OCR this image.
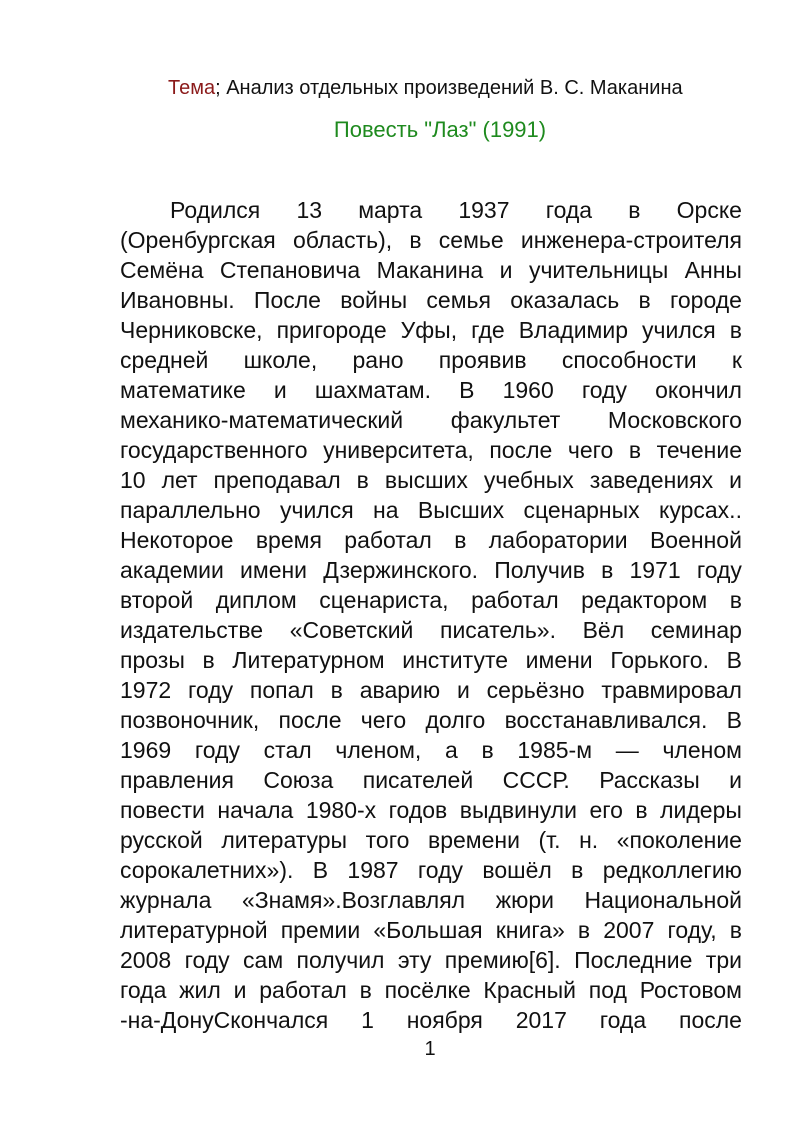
Тема; Анализ отдельных произведений В. С. Маканина
Повесть "Лаз" (1991)
Родился 13 марта 1937 года в Орске
(Оренбургская область), в семье инженера-строителя
Семёна Степановича Маканина и учительницы Анны
Ивановны. После войны семья оказалась в городе
Черниковске, пригороде Уфы, где Владимир учился в
средней школе, рано проявив способности к
математике и шахматам. В 1960 году окончил
механико-математический факультет Московского
государственного университета, после чего в течение
10 лет преподавал в высших учебных заведениях и
параллельно учился на Высших сценарных курсах..
Некоторое время работал в лаборатории Военной
академии имени Дзержинского. Получив в 1971 году
второй диплом сценариста, работал редактором в
издательстве «Советский писатель». Вёл семинар
прозы в Литературном институте имени Горького. В
1972 году попал в аварию и серьёзно травмировал
позвоночник, после чего долго восстанавливался. В
1969 году стал членом, а в 1985-м — членом
правления Союза писателей СССР. Рассказы и
повести начала 1980-х годов выдвинули его в лидеры
русской литературы того времени (т. н. «поколение
сорокалетних»). В 1987 году вошёл в редколлегию
журнала «Знамя».Возглавлял жюри Национальной
литературной премии «Большая книга» в 2007 году, в
2008 году сам получил эту премию[6]. Последние три
года жил и работал в посёлке Красный под Ростовом
-на-ДонуСкончался 1 ноября 2017 года после
1
